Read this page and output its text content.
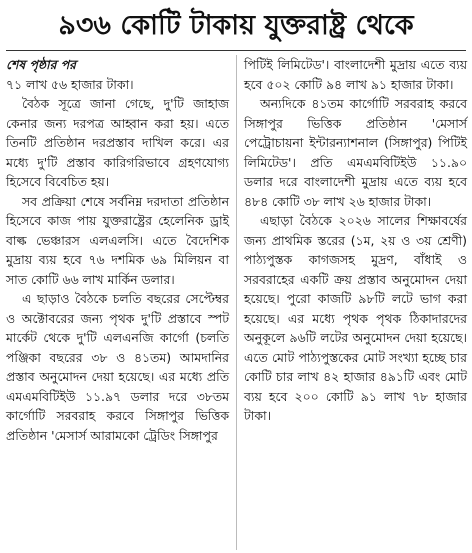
৯৩৬ কোটি টাকায় যুক্তরাষ্ট্র থেকে

শেষ পৃষ্ঠার পর

৭১ লাখ ৫৬ হাজার টাকা।

বৈঠক সূত্রে জানা গেছে, দু'টি জাহাজ কেনার জন্য দরপত্র আহ্বান করা হয়। এতে তিনটি প্রতিষ্ঠান দরপ্রস্তাব দাখিল করে। এর মধ্যে দু'টি প্রস্তাব কারিগরিভাবে গ্রহণযোগ্য হিসেবে বিবেচিত হয়।

সব প্রক্রিয়া শেষে সর্বনিম্ন দরদাতা প্রতিষ্ঠান হিসেবে কাজ পায় যুক্তরাষ্ট্রের হেলেনিক ড্রাই বাল্ক ভেঞ্চারস এলএলসি। এতে বৈদেশিক মুদ্রায় ব্যয় হবে ৭৬ দশমিক ৬৯ মিলিয়ন বা সাত কোটি ৬৬ লাখ মার্কিন ডলার।

এ ছাড়াও বৈঠকে চলতি বছরের সেপ্টেম্বর ও অক্টোবরের জন্য পৃথক দু'টি প্রস্তাবে স্পট মার্কেট থেকে দু'টি এলএনজি কার্গো (চলতি পঞ্জিকা বছরের ৩৮ ও ৪১তম) আমদানির প্রস্তাব অনুমোদন দেয়া হয়েছে। এর মধ্যে প্রতি এমএমবিটিইউ ১১.৯৭ ডলার দরে ৩৮তম কার্গোটি সরবরাহ করবে সিঙ্গাপুর ভিত্তিক প্রতিষ্ঠান 'মেসার্স আরামকো ট্রেডিং সিঙ্গাপুর

পিটিই লিমিটেড'। বাংলাদেশী মুদ্রায় এতে ব্যয় হবে ৫০২ কোটি ৯৪ লাখ ৯১ হাজার টাকা।

অন্যদিকে ৪১তম কার্গোটি সরবরাহ করবে সিঙ্গাপুর ভিত্তিক প্রতিষ্ঠান 'মেসার্স পেট্রোচায়না ইন্টারন্যাশনাল (সিঙ্গাপুর) পিটিই লিমিটেড'। প্রতি এমএমবিটিইউ ১১.৯০ ডলার দরে বাংলাদেশী মুদ্রায় এতে ব্যয় হবে ৪৮৪ কোটি ৩৮ লাখ ২৬ হাজার টাকা।

এছাড়া বৈঠকে ২০২৬ সালের শিক্ষাবর্ষের জন্য প্রাথমিক স্তরের (১ম, ২য় ও ৩য় শ্রেণী) পাঠ্যপুস্তক কাগজসহ মুদ্রণ, বাঁধাই ও সরবরাহের একটি ক্রয় প্রস্তাব অনুমোদন দেয়া হয়েছে। পুরো কাজটি ৯৮টি লটে ভাগ করা হয়েছে। এর মধ্যে পৃথক পৃথক ঠিকাদারদের অনুকূলে ৯৬টি লটের অনুমোদন দেয়া হয়েছে। এতে মোট পাঠ্যপুস্তকের মোট সংখ্যা হচ্ছে চার কোটি চার লাখ ৪২ হাজার ৪৯১টি এবং মোট ব্যয় হবে ২০০ কোটি ৯১ লাখ ৭৮ হাজার টাকা।
